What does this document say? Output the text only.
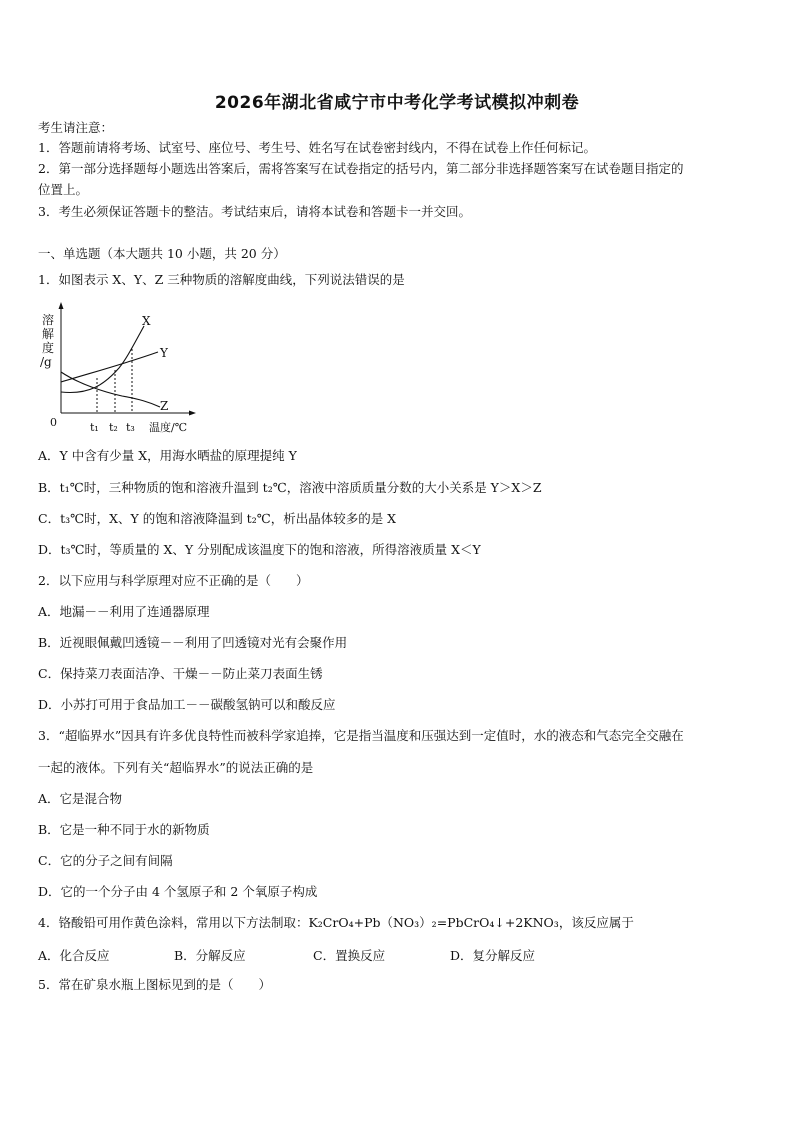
2026年湖北省咸宁市中考化学考试模拟冲刺卷
考生请注意：
1．答题前请将考场、试室号、座位号、考生号、姓名写在试卷密封线内，不得在试卷上作任何标记。
2．第一部分选择题每小题选出答案后，需将答案写在试卷指定的括号内，第二部分非选择题答案写在试卷题目指定的
位置上。
3．考生必须保证答题卡的整洁。考试结束后，请将本试卷和答题卡一并交回。
一、单选题（本大题共 10 小题，共 20 分）
1．如图表示 X、Y、Z 三种物质的溶解度曲线，下列说法错误的是
溶
解
度
/g
0
X
Y
Z
t₁ t₂ t₃ 温度/℃
A．Y 中含有少量 X，用海水晒盐的原理提纯 Y
B．t₁℃时，三种物质的饱和溶液升温到 t₂℃，溶液中溶质质量分数的大小关系是 Y＞X＞Z
C．t₃℃时，X、Y 的饱和溶液降温到 t₂℃，析出晶体较多的是 X
D．t₃℃时，等质量的 X、Y 分别配成该温度下的饱和溶液，所得溶液质量 X＜Y
2．以下应用与科学原理对应不正确的是（　　）
A．地漏－－利用了连通器原理
B．近视眼佩戴凹透镜－－利用了凹透镜对光有会聚作用
C．保持菜刀表面洁净、干燥－－防止菜刀表面生锈
D．小苏打可用于食品加工－－碳酸氢钠可以和酸反应
3．“超临界水”因具有许多优良特性而被科学家追捧，它是指当温度和压强达到一定值时，水的液态和气态完全交融在
一起的液体。下列有关“超临界水”的说法正确的是
A．它是混合物
B．它是一种不同于水的新物质
C．它的分子之间有间隔
D．它的一个分子由 4 个氢原子和 2 个氧原子构成
4．铬酸铅可用作黄色涂料，常用以下方法制取：K₂CrO₄+Pb（NO₃）₂=PbCrO₄↓+2KNO₃，该反应属于
A．化合反应	B．分解反应	C．置换反应	D．复分解反应
5．常在矿泉水瓶上图标见到的是（　　）
